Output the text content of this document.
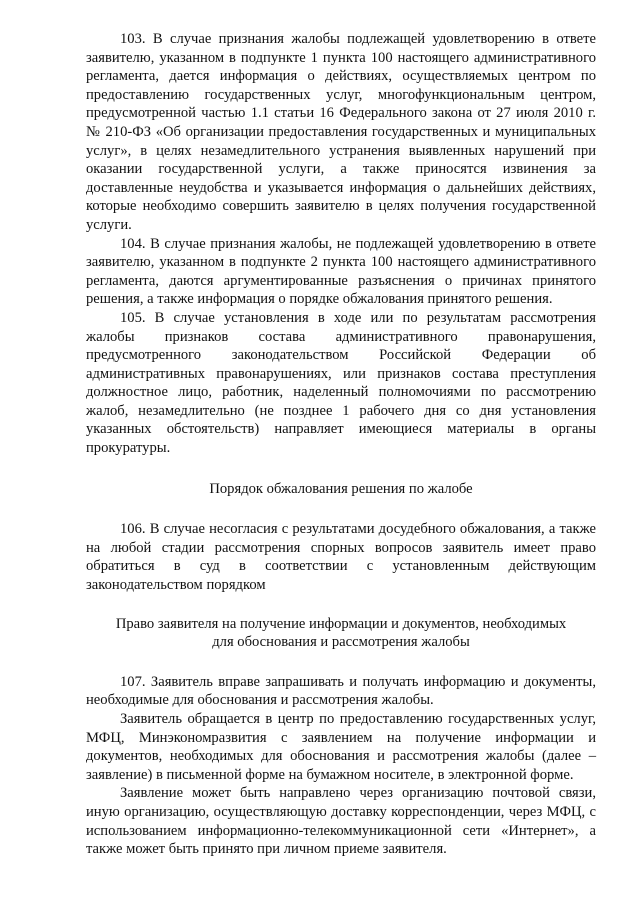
103. В случае признания жалобы подлежащей удовлетворению в ответе заявителю, указанном в подпункте 1 пункта 100 настоящего административного регламента, дается информация о действиях, осуществляемых центром по предоставлению государственных услуг, многофункциональным центром, предусмотренной частью 1.1 статьи 16 Федерального закона от 27 июля 2010 г. № 210-ФЗ «Об организации предоставления государственных и муниципальных услуг», в целях незамедлительного устранения выявленных нарушений при оказании государственной услуги, а также приносятся извинения за доставленные неудобства и указывается информация о дальнейших действиях, которые необходимо совершить заявителю в целях получения государственной услуги.

104. В случае признания жалобы, не подлежащей удовлетворению в ответе заявителю, указанном в подпункте 2 пункта 100 настоящего административного регламента, даются аргументированные разъяснения о причинах принятого решения, а также информация о порядке обжалования принятого решения.

105. В случае установления в ходе или по результатам рассмотрения жалобы признаков состава административного правонарушения, предусмотренного законодательством Российской Федерации об административных правонарушениях, или признаков состава преступления должностное лицо, работник, наделенный полномочиями по рассмотрению жалоб, незамедлительно (не позднее 1 рабочего дня со дня установления указанных обстоятельств) направляет имеющиеся материалы в органы прокуратуры.

Порядок обжалования решения по жалобе

106. В случае несогласия с результатами досудебного обжалования, а также на любой стадии рассмотрения спорных вопросов заявитель имеет право обратиться в суд в соответствии с установленным действующим законодательством порядком

Право заявителя на получение информации и документов, необходимых
для обоснования и рассмотрения жалобы

107. Заявитель вправе запрашивать и получать информацию и документы, необходимые для обоснования и рассмотрения жалобы.

Заявитель обращается в центр по предоставлению государственных услуг, МФЦ, Минэкономразвития с заявлением на получение информации и документов, необходимых для обоснования и рассмотрения жалобы (далее – заявление) в письменной форме на бумажном носителе, в электронной форме.

Заявление может быть направлено через организацию почтовой связи, иную организацию, осуществляющую доставку корреспонденции, через МФЦ, с использованием информационно-телекоммуникационной сети «Интернет», а также может быть принято при личном приеме заявителя.
